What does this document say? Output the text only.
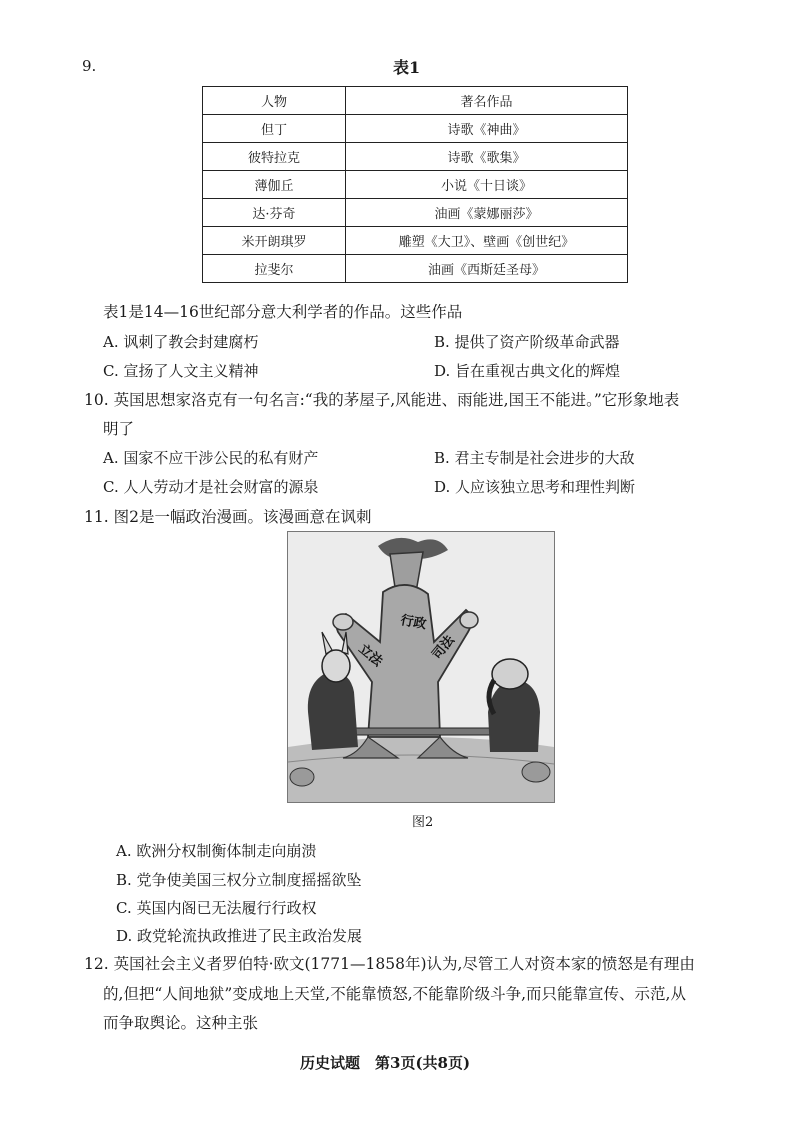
9.	表1
人物	著名作品
但丁	诗歌《神曲》
彼特拉克	诗歌《歌集》
薄伽丘	小说《十日谈》
达·芬奇	油画《蒙娜丽莎》
米开朗琪罗	雕塑《大卫》、壁画《创世纪》
拉斐尔	油画《西斯廷圣母》
表1是14—16世纪部分意大利学者的作品。这些作品
A. 讽刺了教会封建腐朽	B. 提供了资产阶级革命武器
C. 宣扬了人文主义精神	D. 旨在重视古典文化的辉煌
10. 英国思想家洛克有一句名言:“我的茅屋子,风能进、雨能进,国王不能进。”它形象地表
明了
A. 国家不应干涉公民的私有财产	B. 君主专制是社会进步的大敌
C. 人人劳动才是社会财富的源泉	D. 人应该独立思考和理性判断
11. 图2是一幅政治漫画。该漫画意在讽刺
立法
行政
司法
图2
A. 欧洲分权制衡体制走向崩溃
B. 党争使美国三权分立制度摇摇欲坠
C. 英国内阁已无法履行行政权
D. 政党轮流执政推进了民主政治发展
12. 英国社会主义者罗伯特·欧文(1771—1858年)认为,尽管工人对资本家的愤怒是有理由
的,但把“人间地狱”变成地上天堂,不能靠愤怒,不能靠阶级斗争,而只能靠宣传、示范,从
而争取舆论。这种主张
历史试题　第3页(共8页)
